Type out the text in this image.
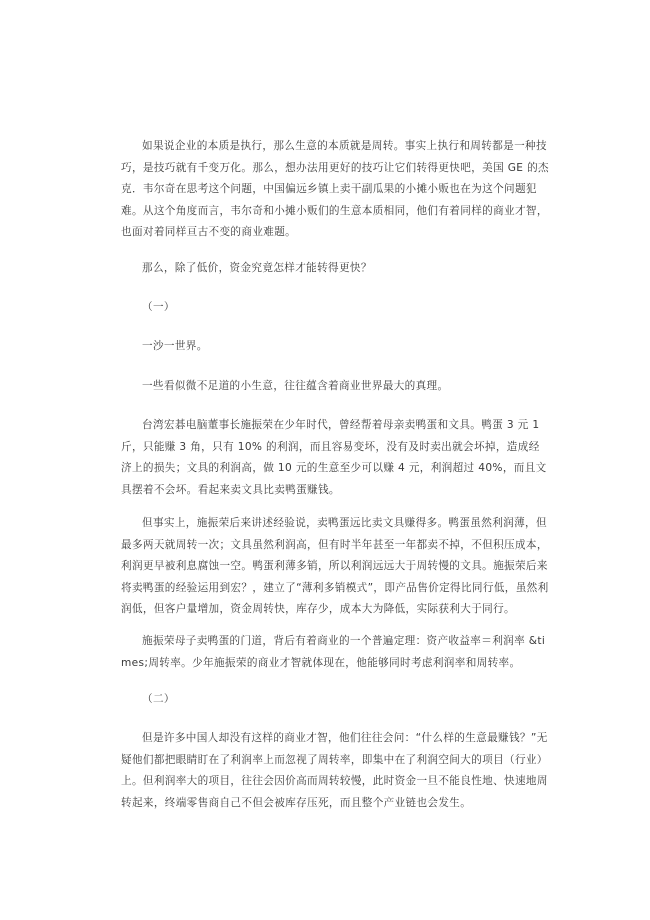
如果说企业的本质是执行，那么生意的本质就是周转。事实上执行和周转都是一种技巧，是技巧就有千变万化。那么，想办法用更好的技巧让它们转得更快吧，美国 GE 的杰克．韦尔奇在思考这个问题，中国偏远乡镇上卖干副瓜果的小摊小贩也在为这个问题犯难。从这个角度而言，韦尔奇和小摊小贩们的生意本质相同，他们有着同样的商业才智，也面对着同样亘古不变的商业难题。

那么，除了低价，资金究竟怎样才能转得更快？

（一）

一沙一世界。

一些看似微不足道的小生意，往往蕴含着商业世界最大的真理。

台湾宏碁电脑董事长施振荣在少年时代，曾经帮着母亲卖鸭蛋和文具。鸭蛋 3 元 1 斤，只能赚 3 角，只有 10% 的利润，而且容易变坏，没有及时卖出就会坏掉，造成经济上的损失；文具的利润高，做 10 元的生意至少可以赚 4 元，利润超过 40%，而且文具摆着不会坏。看起来卖文具比卖鸭蛋赚钱。

但事实上，施振荣后来讲述经验说，卖鸭蛋远比卖文具赚得多。鸭蛋虽然利润薄，但最多两天就周转一次；文具虽然利润高，但有时半年甚至一年都卖不掉，不但积压成本，利润更早被利息腐蚀一空。鸭蛋利薄多销，所以利润远远大于周转慢的文具。施振荣后来将卖鸭蛋的经验运用到宏？，建立了“薄利多销模式”，即产品售价定得比同行低，虽然利润低，但客户量增加，资金周转快，库存少，成本大为降低，实际获利大于同行。

施振荣母子卖鸭蛋的门道，背后有着商业的一个普遍定理：资产收益率＝利润率 &times;周转率。少年施振荣的商业才智就体现在，他能够同时考虑利润率和周转率。

（二）

但是许多中国人却没有这样的商业才智，他们往往会问：“什么样的生意最赚钱？”无疑他们都把眼睛盯在了利润率上而忽视了周转率，即集中在了利润空间大的项目（行业）上。但利润率大的项目，往往会因价高而周转较慢，此时资金一旦不能良性地、快速地周转起来，终端零售商自己不但会被库存压死，而且整个产业链也会发生。
